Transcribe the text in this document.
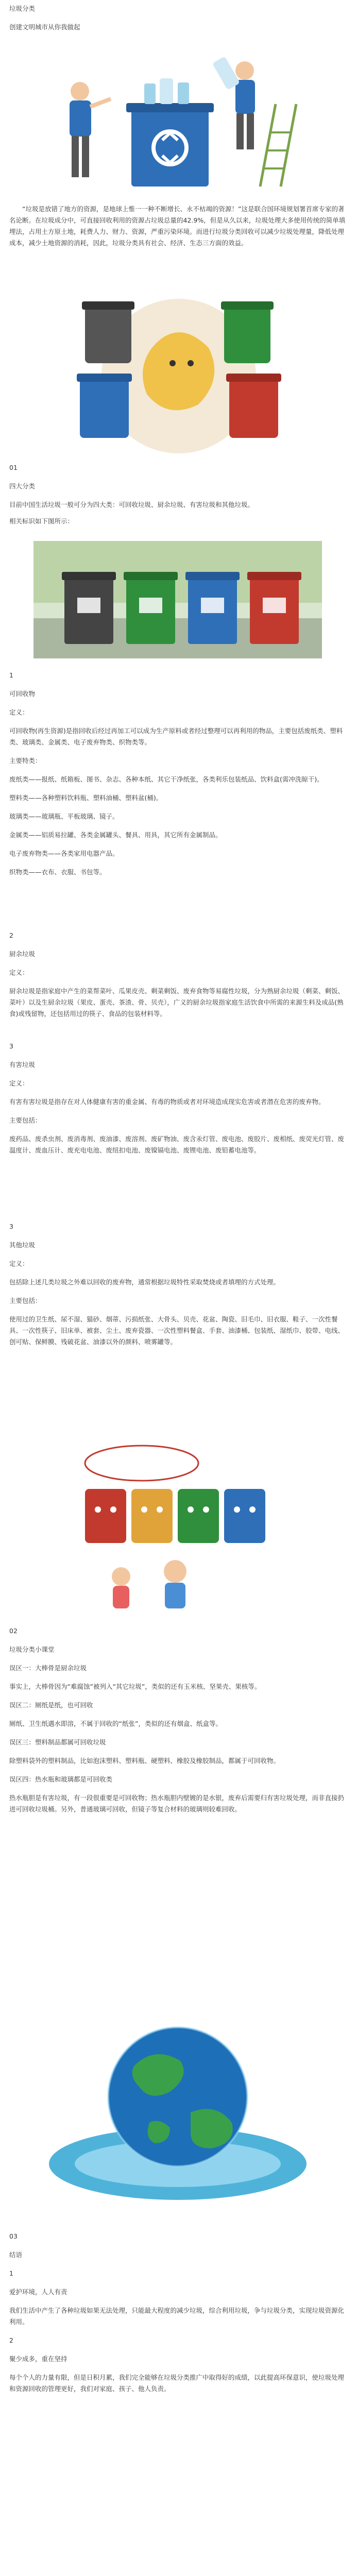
垃圾分类

创建文明城市从你我做起

“垃圾是放错了地方的资源，是地球上惟一一种不断增长、永不枯竭的资源！”这是联合国环境规划署首席专家的著名论断。在垃圾成分中，可直接回收利用的资源占垃圾总量的42.9%，但是从久以来，垃圾处理大多使用传统的简单填埋法，占用土方原土地，耗费人力、财力、资源，严重污染环境。而进行垃圾分类回收可以减少垃圾处理量，降低处理成本，减少土地资源的消耗，因此，垃圾分类具有社会、经济、生态三方面的效益。

01

四大分类

目前中国生活垃圾一般可分为四大类：可回收垃圾、厨余垃圾、有害垃圾和其他垃圾。

相关标识如下图所示：

1

可回收物

定义：

可回收物(再生资源)是指回收后经过再加工可以成为生产原料或者经过整理可以再利用的物品，主要包括废纸类、塑料类、玻璃类、金属类、电子废弃物类、织物类等。

主要特类：

废纸类——报纸、纸箱板、图书、杂志、各种本纸、其它干净纸张，各类利乐包装纸品、饮料盒(需冲洗晾干)。

塑料类——各种塑料饮料瓶、塑料油桶、塑料盆(桶)。

玻璃类——玻璃瓶、平板玻璃、镜子。

金属类——铝质易拉罐、各类金属罐头、餐具、用具，其它所有金属制品。

电子废弃物类——各类家用电器产品。

织物类——衣布、衣服、书包等。

2

厨余垃圾

定义：

厨余垃圾是指家庭中产生的菜帮菜叶、瓜果皮壳、剩菜剩饭、废弃食物等易腐性垃圾，分为熟厨余垃圾（剩菜、剩饭、菜叶）以及生厨余垃圾（果皮、蛋壳、茶渣、骨、贝壳），广义的厨余垃圾指家庭生活饮食中所需的来源生料及成品(熟食)或残留物，还包括用过的筷子、食品的包装材料等。

3

有害垃圾

定义：

有害有害垃圾是指存在对人体健康有害的重金属、有毒的物质或者对环境造成现实危害或者潜在危害的废弃物。

主要包括：

废药品、废杀虫剂、废消毒剂、废油漆、废溶剂、废矿物油、废含汞灯管、废电池、废胶片、废相纸、废荧光灯管、废温度计、废血压计、废充电电池、废纽扣电池、废镍镉电池、废锂电池、废铅蓄电池等。

3

其他垃圾

定义：

包括除上述几类垃圾之外难以回收的废弃物，通常根据垃圾特性采取焚烧或者填埋的方式处理。

主要包括：

使用过的卫生纸、尿不湿、猫砂、烟蒂、污损纸张、大骨头、贝壳、花盆、陶瓷、旧毛巾、旧衣服、鞋子、一次性餐具、一次性筷子、旧床单、被套、尘土、废弃瓷器、一次性塑料餐盒、手套、油漆桶、包装纸、湿纸巾、胶带、电线、创可贴、保鲜膜、残破花盆、油漆以外的颜料、喷雾罐等。

02

垃圾分类小课堂

误区一：大棒骨是厨余垃圾

事实上，大棒骨因为“难腐蚀”被列入“其它垃圾”，类似的还有玉米核、坚果壳、果核等。

误区二：厕纸是纸，也可回收

厕纸、卫生纸遇水即溶，不属于回收的“纸张”，类似的还有烟盒、纸盒等。

误区三：塑料制品都属可回收垃圾

除塑料袋外的塑料制品，比如泡沫塑料、塑料瓶、硬塑料、橡胶及橡胶制品，都属于可回收物。

误区四：热水瓶和玻璃都是可回收类

热水瓶胆是有害垃圾，有一段很重要是可回收物；热水瓶胆内壁镀的是水银，废弃后需要归有害垃圾处理，而非直接扔进可回收垃圾桶。另外，普通玻璃可回收，但镜子等复合材料的玻璃则较难回收。

03

结语

1

爱护环境，人人有责

我们生活中产生了各种垃圾如果无法处理，只能最大程度的减少垃圾，综合利用垃圾，争与垃圾分类，实现垃圾资源化利用。

2

聚少成多，重在坚持

每个个人的力量有限，但是日积月累，我们完全能够在垃圾分类推广中取得好的成绩，以此提高环保意识，使垃圾处理和资源回收的管理更好，我们对家庭、孩子、他人负责。
